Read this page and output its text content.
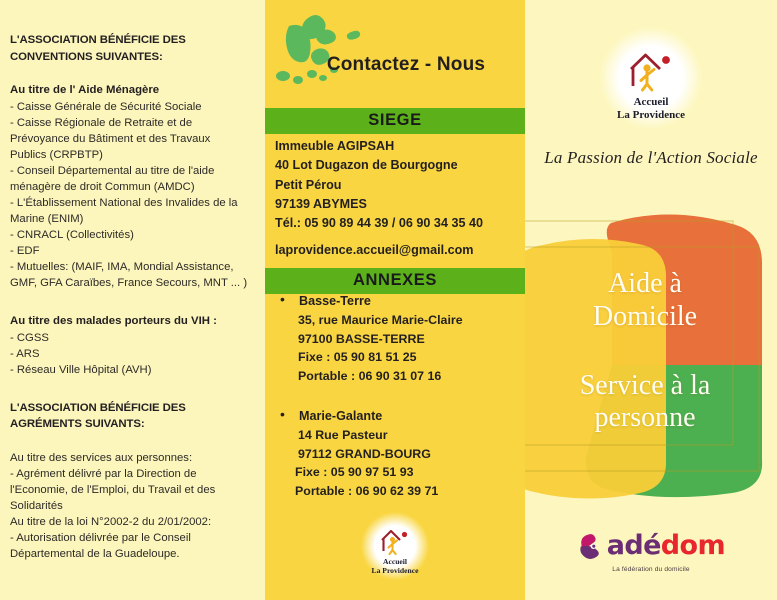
L'ASSOCIATION BÉNÉFICIE DES CONVENTIONS SUIVANTES:
Au titre de l' Aide Ménagère
- Caisse Générale de Sécurité Sociale
- Caisse Régionale de Retraite et de Prévoyance du Bâtiment et des Travaux Publics (CRPBTP)
- Conseil Départemental au titre de l'aide ménagère de droit Commun (AMDC)
- L'Établissement National des Invalides de la Marine (ENIM)
- CNRACL (Collectivités)
- EDF
- Mutuelles: (MAIF, IMA, Mondial Assistance, GMF, GFA Caraïbes, France Secours, MNT ... )
Au titre des malades porteurs du VIH :
- CGSS
- ARS
- Réseau Ville Hôpital (AVH)
L'ASSOCIATION BÉNÉFICIE DES AGRÉMENTS SUIVANTS:
Au titre des services aux personnes:
- Agrément délivré par la Direction de l'Economie, de l'Emploi, du Travail et des Solidarités
Au titre de la loi N°2002-2 du 2/01/2002:
- Autorisation délivrée par le Conseil Départemental de la Guadeloupe.
Contactez - Nous
SIEGE
Immeuble AGIPSAH
40 Lot Dugazon de Bourgogne
Petit Pérou
97139 ABYMES
Tél.: 05 90 89 44 39 / 06 90 34 35 40
laprovidence.accueil@gmail.com
ANNEXES
• Basse-Terre
35, rue Maurice Marie-Claire
97100 BASSE-TERRE
Fixe : 05 90 81 51 25
Portable : 06 90 31 07 16
• Marie-Galante
14 Rue Pasteur
97112 GRAND-BOURG
Fixe : 05 90 97 51 93
Portable : 06 90 62 39 71
Accueil
La Providence
Accueil
La Providence
La Passion de l'Action Sociale
Aide à
Domicile
Service à la
personne
adédom
La fédération du domicile
